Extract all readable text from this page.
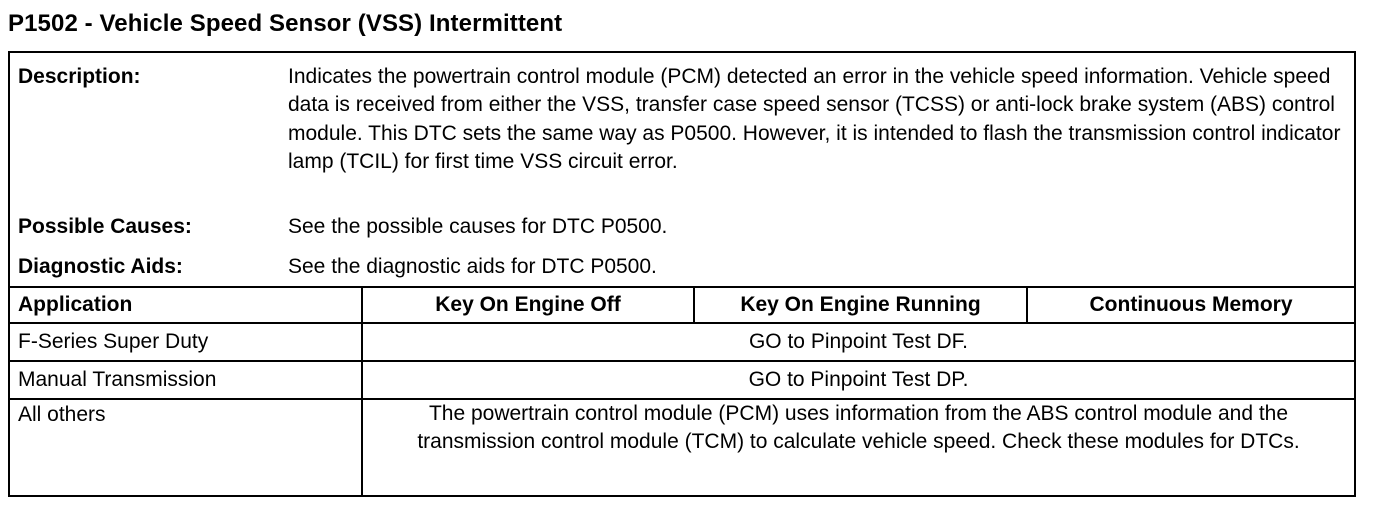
P1502 - Vehicle Speed Sensor (VSS) Intermittent
Description:	Indicates the powertrain control module (PCM) detected an error in the vehicle speed information. Vehicle speed data is received from either the VSS, transfer case speed sensor (TCSS) or anti-lock brake system (ABS) control module. This DTC sets the same way as P0500. However, it is intended to flash the transmission control indicator lamp (TCIL) for first time VSS circuit error.
Possible Causes:	See the possible causes for DTC P0500.
Diagnostic Aids:	See the diagnostic aids for DTC P0500.
Application	Key On Engine Off	Key On Engine Running	Continuous Memory
F-Series Super Duty	GO to Pinpoint Test DF.		
Manual Transmission	GO to Pinpoint Test DP.		
All others	The powertrain control module (PCM) uses information from the ABS control module and the transmission control module (TCM) to calculate vehicle speed. Check these modules for DTCs.		
